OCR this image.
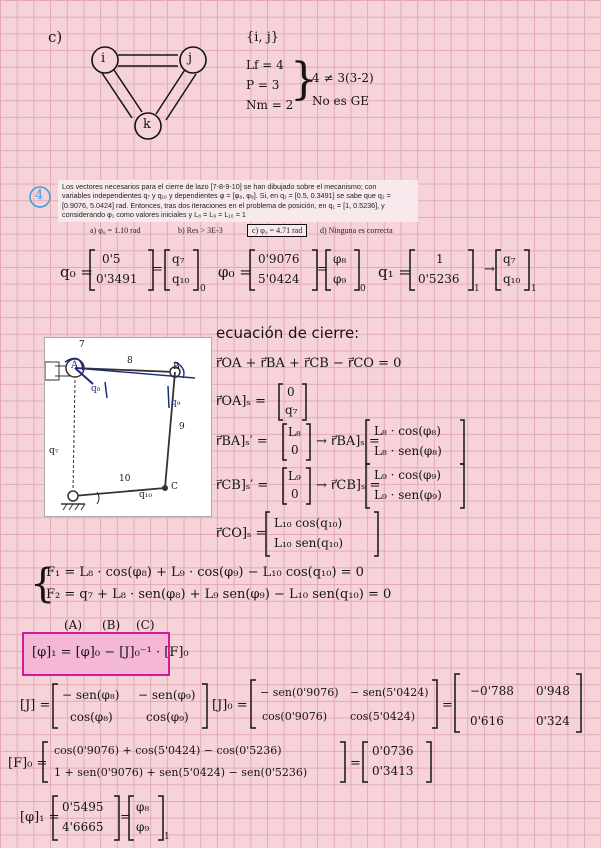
c)
i	j
k
{i, j}
Lf = 4
P = 3
Nm = 2
}
4 ≠ 3(3-2)
No es GE
4
Los vectores necesarios para el cierre de lazo [7-8-9-10] se han dibujado sobre el mecanismo; con
variables independientes q₇ y q₁₀ y dependientes φ = [φ₈, φ₉]. Si, en q₁ = [0.5, 0.3491] se sabe que q₂ =
[0.9076, 5.0424] rad. Entonces, tras dos iteraciones en el problema de posición, en q₁ = [1, 0.5236], y
considerando φ₁ como valores iniciales y L₈ = L₉ = L₁₀ = 1
a) φ₈ = 1.10 rad	b) Res > 3E-3	c) φ₉ = 4.71 rad	d) Ninguna es correcta
q₀ =
0'5
0'3491
=
q₇
q₁₀
0
φ₀ =
0'9076
5'0424
=
φ₈
φ₉
0
q₁ =
1
0'5236
1
→
q₇
q₁₀
1
7
8
9
10
A	B
C
q₇
q₈
q₉
q₁₀
ecuación de cierre:
r⃗OA + r⃗BA + r⃗CB − r⃗CO = 0
r⃗OA]ₛ =
0
q₇
r⃗BA]ₛ′ =
L₈
0
→ r⃗BA]ₛ =
L₈ · cos(φ₈)
L₈ · sen(φ₈)
r⃗CB]ₛ′ =
L₉
0
→ r⃗CB]ₛ =
L₉ · cos(φ₉)
L₉ · sen(φ₉)
r⃗CO]ₛ =
L₁₀ cos(q₁₀)
L₁₀ sen(q₁₀)
{
F₁ = L₈ · cos(φ₈) + L₉ · cos(φ₉) − L₁₀ cos(q₁₀) = 0
F₂ = q₇ + L₈ · sen(φ₈) + L₉ sen(φ₉) − L₁₀ sen(q₁₀) = 0
(A) (B) (C)
[φ]₁ = [φ]₀ − [J]₀⁻¹ · [F]₀
[J] =
− sen(φ₈) − sen(φ₉)
cos(φ₈)	cos(φ₉)
[J]₀ =
− sen(0'9076) − sen(5'0424)
cos(0'9076) cos(5'0424)
=
−0'788 0'948
0'616	0'324
[F]₀ =
cos(0'9076) + cos(5'0424) − cos(0'5236)
1 + sen(0'9076) + sen(5'0424) − sen(0'5236)
=
0'0736
0'3413
[φ]₁ =
0'5495
4'6665
=
φ₈
φ₉
1
